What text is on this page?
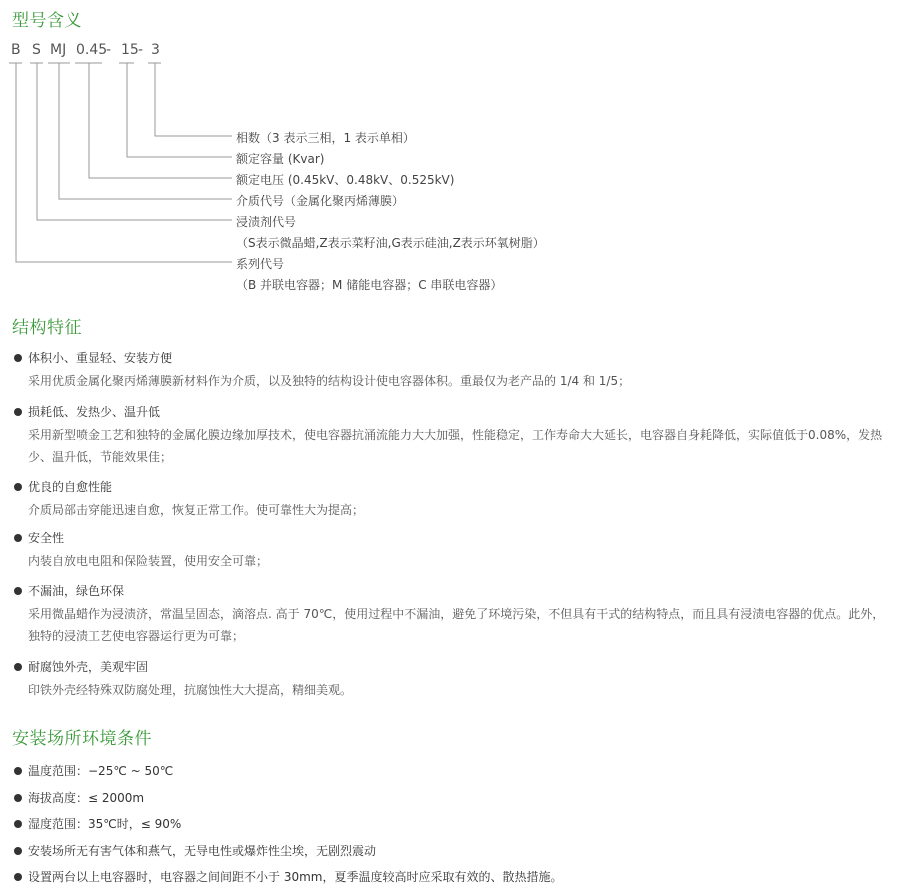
型号含义
B S MJ 0.45
- 15 - 3
相数（3 表示三相，1 表示单相）
额定容量 (Kvar)
额定电压 (0.45kV、0.48kV、0.525kV)
介质代号（金属化聚丙烯薄膜）
浸渍剂代号
（S表示微晶蜡,Z表示菜籽油,G表示硅油,Z表示环氧树脂）
系列代号
（B 并联电容器；M 储能电容器；C 串联电容器）
结构特征
体积小、重显轻、安装方便
采用优质金属化聚丙烯薄膜新材料作为介质，以及独特的结构设计使电容器体积。重最仅为老产品的 1/4 和 1/5；
损耗低、发热少、温升低
采用新型喷金工艺和独特的金属化膜边缘加厚技术，使电容器抗涌流能力大大加强，性能稳定，工作寿命大大延长，电容器自身耗降低，实际值低于0.08%，发热少、温升低，节能效果佳；
优良的自愈性能
介质局部击穿能迅速自愈，恢复正常工作。使可靠性大为提高；
安全性
内装自放电电阻和保险装置，使用安全可靠；
不漏油，绿色环保
采用微晶蜡作为浸渍济，常温呈固态，滴溶点. 高于 70℃，使用过程中不漏油，避免了环境污染，不但具有干式的结构特点，而且具有浸渍电容器的优点。此外，独特的浸渍工艺使电容器运行更为可靠；
耐腐蚀外壳，美观牢固
印铁外壳经特殊双防腐处理，抗腐蚀性大大提高，精细美观。
安装场所环境条件
温度范围：−25℃ ~ 50℃
海拔高度：≤ 2000m
湿度范围：35℃时，≤ 90%
安装场所无有害气体和燕气，无导电性或爆炸性尘埃，无剧烈震动
设置两台以上电容器时，电容器之间间距不小于 30mm，夏季温度较高时应采取有效的、散热措施。
